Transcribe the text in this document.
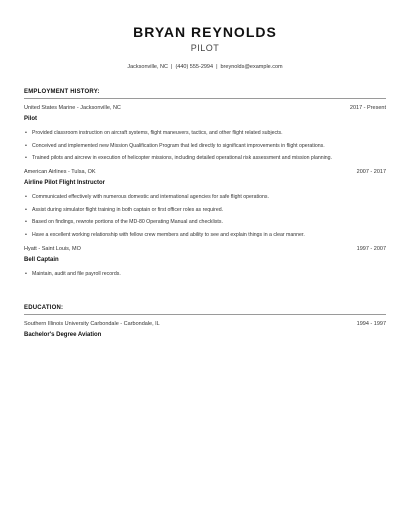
BRYAN REYNOLDS
PILOT
Jacksonville, NC | (440) 555-2994 | breynolds@example.com
EMPLOYMENT HISTORY:
United States Marine - Jacksonville, NC	2017 - Present
Pilot
• Provided classroom instruction on aircraft systems, flight maneuvers, tactics, and other flight related subjects.
• Conceived and implemented new Mission Qualification Program that led directly to significant improvements in flight operations.
• Trained pilots and aircrew in execution of helicopter missions, including detailed operational risk assessment and mission planning.
American Airlines - Tulsa, OK	2007 - 2017
Airline Pilot Flight Instructor
• Communicated effectively with numerous domestic and international agencies for safe flight operations.
• Assist during simulator flight training in both captain or first officer roles as required.
• Based on findings, rewrote portions of the MD-80 Operating Manual and checklists.
• Have a excellent working relationship with fellow crew members and ability to see and explain things in a clear manner.
Hyatt - Saint Louis, MO	1997 - 2007
Bell Captain
• Maintain, audit and file payroll records.
EDUCATION:
Southern Illinois University Carbondale - Carbondale, IL	1994 - 1997
Bachelor's Degree Aviation
